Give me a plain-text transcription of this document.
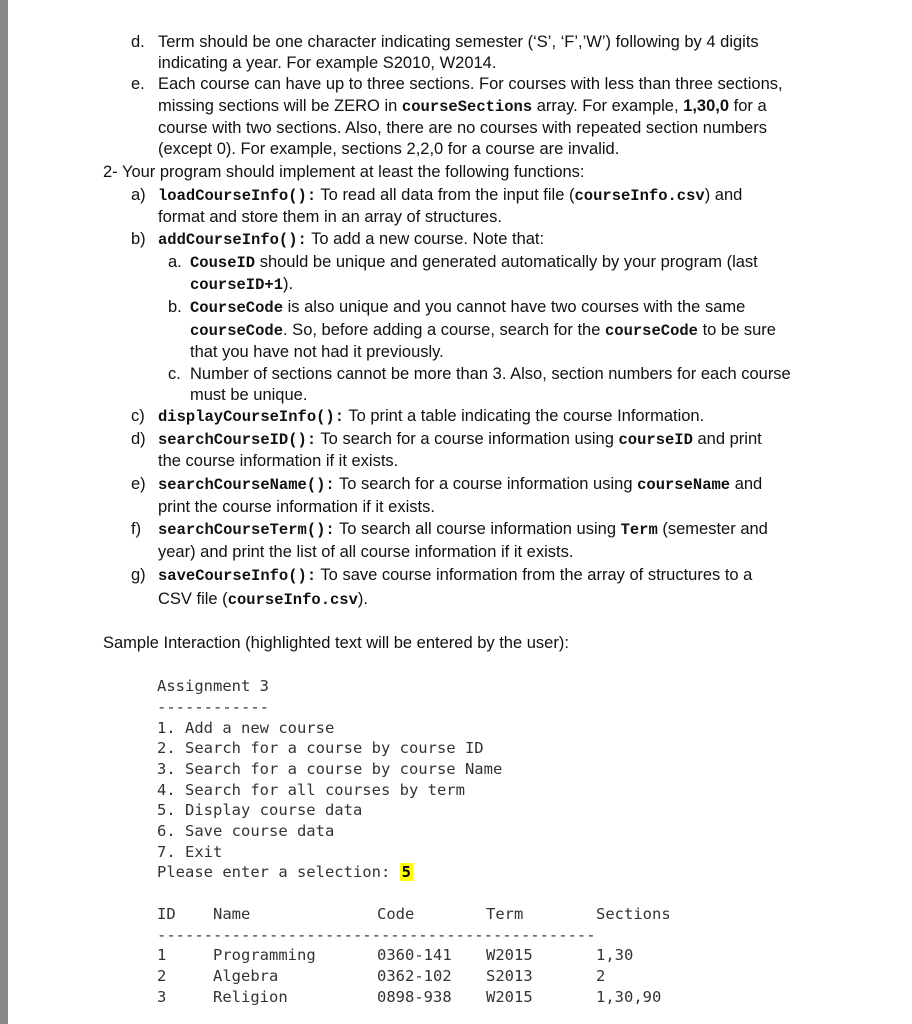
d. Term should be one character indicating semester (‘S’, ‘F’,’W’) following by 4 digits
indicating a year. For example S2010, W2014.
e. Each course can have up to three sections. For courses with less than three sections,
missing sections will be ZERO in courseSections array. For example, 1,30,0 for a
course with two sections. Also, there are no courses with repeated section numbers
(except 0). For example, sections 2,2,0 for a course are invalid.
2- Your program should implement at least the following functions:
a) loadCourseInfo(): To read all data from the input file (courseInfo.csv) and
format and store them in an array of structures.
b) addCourseInfo(): To add a new course. Note that:
a. CouseID should be unique and generated automatically by your program (last
courseID+1).
b. CourseCode is also unique and you cannot have two courses with the same
courseCode. So, before adding a course, search for the courseCode to be sure
that you have not had it previously.
c. Number of sections cannot be more than 3. Also, section numbers for each course
must be unique.
c) displayCourseInfo(): To print a table indicating the course Information.
d) searchCourseID(): To search for a course information using courseID and print
the course information if it exists.
e) searchCourseName(): To search for a course information using courseName and
print the course information if it exists.
f) searchCourseTerm(): To search all course information using Term (semester and
year) and print the list of all course information if it exists.
g) saveCourseInfo(): To save course information from the array of structures to a
CSV file (courseInfo.csv).
Sample Interaction (highlighted text will be entered by the user):
Assignment 3
------------
1. Add a new course
2. Search for a course by course ID
3. Search for a course by course Name
4. Search for all courses by term
5. Display course data
6. Save course data
7. Exit
Please enter a selection: 5
ID Name	Code	Term	Sections
-----------------------------------------------
1	Programming	0360-141 W2015	1,30
2	Algebra	0362-102 S2013	2
3	Religion	0898-938 W2015	1,30,90
